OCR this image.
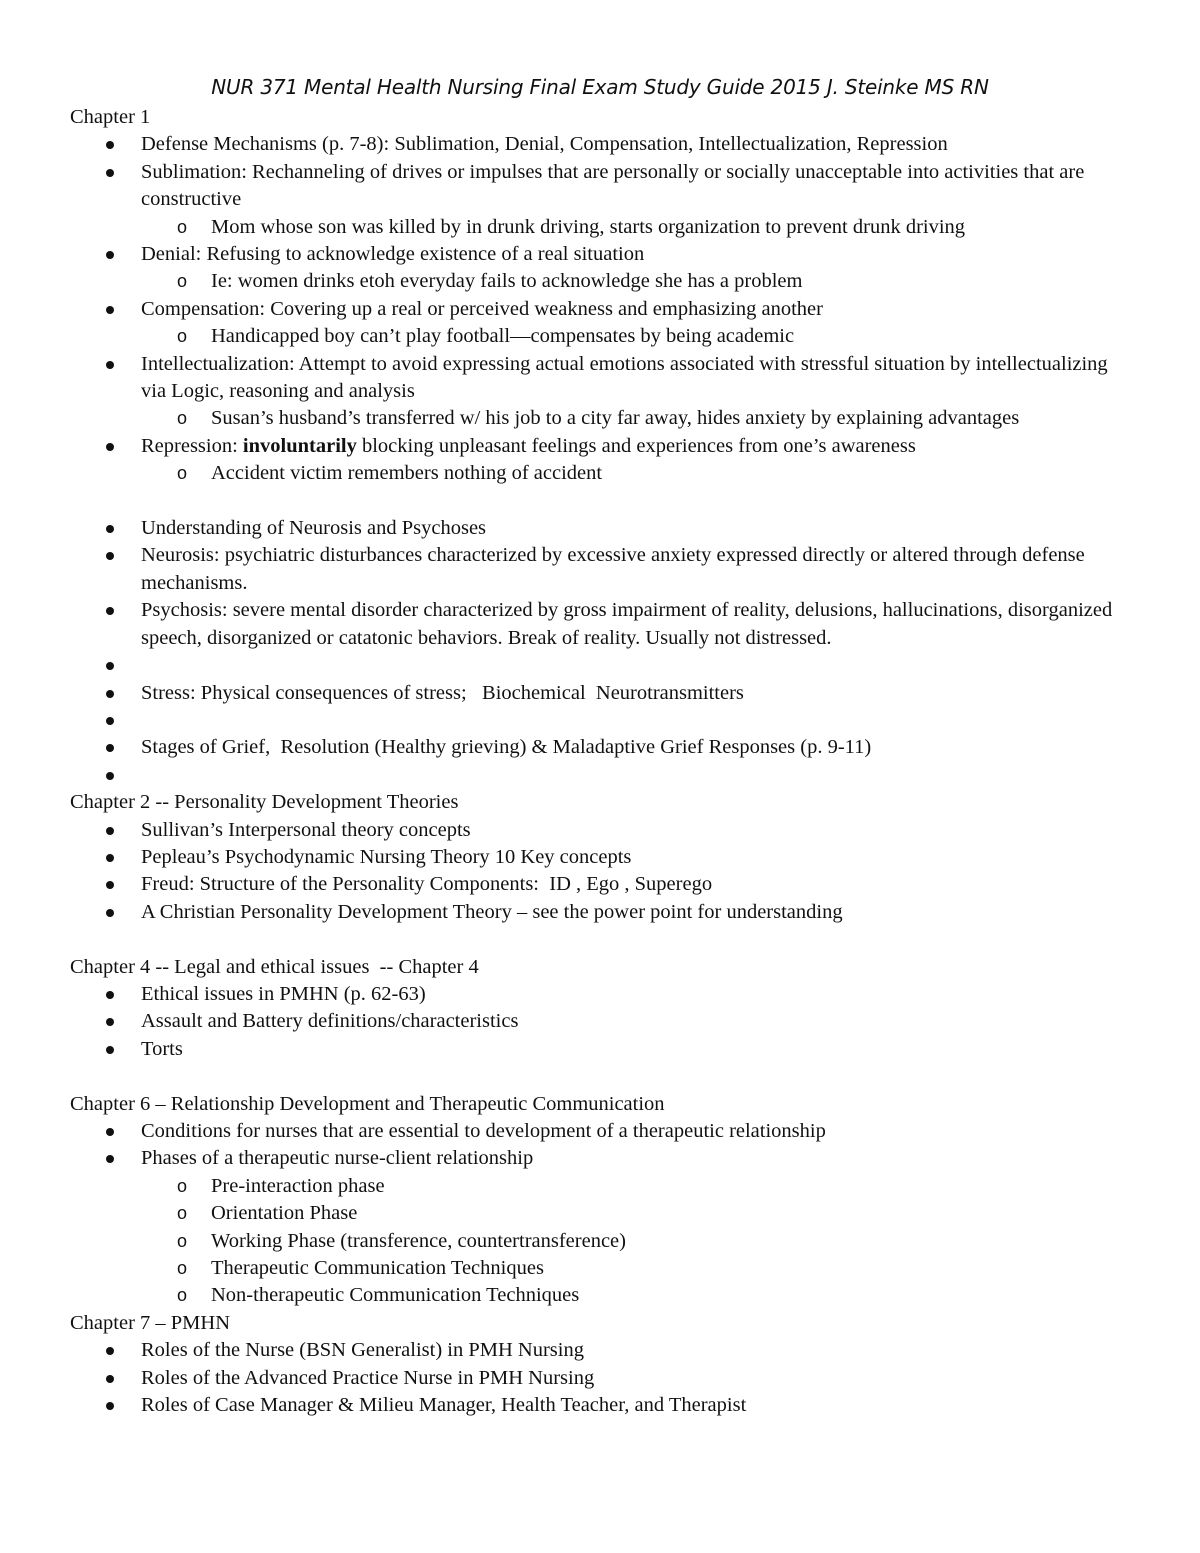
NUR 371 Mental Health Nursing Final Exam Study Guide 2015 J. Steinke MS RN
Chapter 1
Defense Mechanisms (p. 7-8): Sublimation, Denial, Compensation, Intellectualization, Repression
Sublimation: Rechanneling of drives or impulses that are personally or socially unacceptable into activities that are constructive
o	Mom whose son was killed by in drunk driving, starts organization to prevent drunk driving
Denial: Refusing to acknowledge existence of a real situation
o	Ie: women drinks etoh everyday fails to acknowledge she has a problem
Compensation: Covering up a real or perceived weakness and emphasizing another
o	Handicapped boy can’t play football—compensates by being academic
Intellectualization: Attempt to avoid expressing actual emotions associated with stressful situation by intellectualizing via Logic, reasoning and analysis
o	Susan’s husband’s transferred w/ his job to a city far away, hides anxiety by explaining advantages
Repression: involuntarily blocking unpleasant feelings and experiences from one’s awareness
o	Accident victim remembers nothing of accident
Understanding of Neurosis and Psychoses
Neurosis: psychiatric disturbances characterized by excessive anxiety expressed directly or altered through defense mechanisms.
Psychosis: severe mental disorder characterized by gross impairment of reality, delusions, hallucinations, disorganized speech, disorganized or catatonic behaviors. Break of reality. Usually not distressed.

Stress: Physical consequences of stress;   Biochemical  Neurotransmitters

Stages of Grief,  Resolution (Healthy grieving) & Maladaptive Grief Responses (p. 9-11)

Chapter 2 -- Personality Development Theories
Sullivan’s Interpersonal theory concepts
Pepleau’s Psychodynamic Nursing Theory 10 Key concepts
Freud: Structure of the Personality Components:  ID , Ego , Superego
A Christian Personality Development Theory – see the power point for understanding
Chapter 4 -- Legal and ethical issues  -- Chapter 4
Ethical issues in PMHN (p. 62-63)
Assault and Battery definitions/characteristics
Torts
Chapter 6 – Relationship Development and Therapeutic Communication
Conditions for nurses that are essential to development of a therapeutic relationship
Phases of a therapeutic nurse-client relationship
o	Pre-interaction phase
o	Orientation Phase
o	Working Phase (transference, countertransference)
o	Therapeutic Communication Techniques
o	Non-therapeutic Communication Techniques
Chapter 7 – PMHN
Roles of the Nurse (BSN Generalist) in PMH Nursing
Roles of the Advanced Practice Nurse in PMH Nursing
Roles of Case Manager & Milieu Manager, Health Teacher, and Therapist
